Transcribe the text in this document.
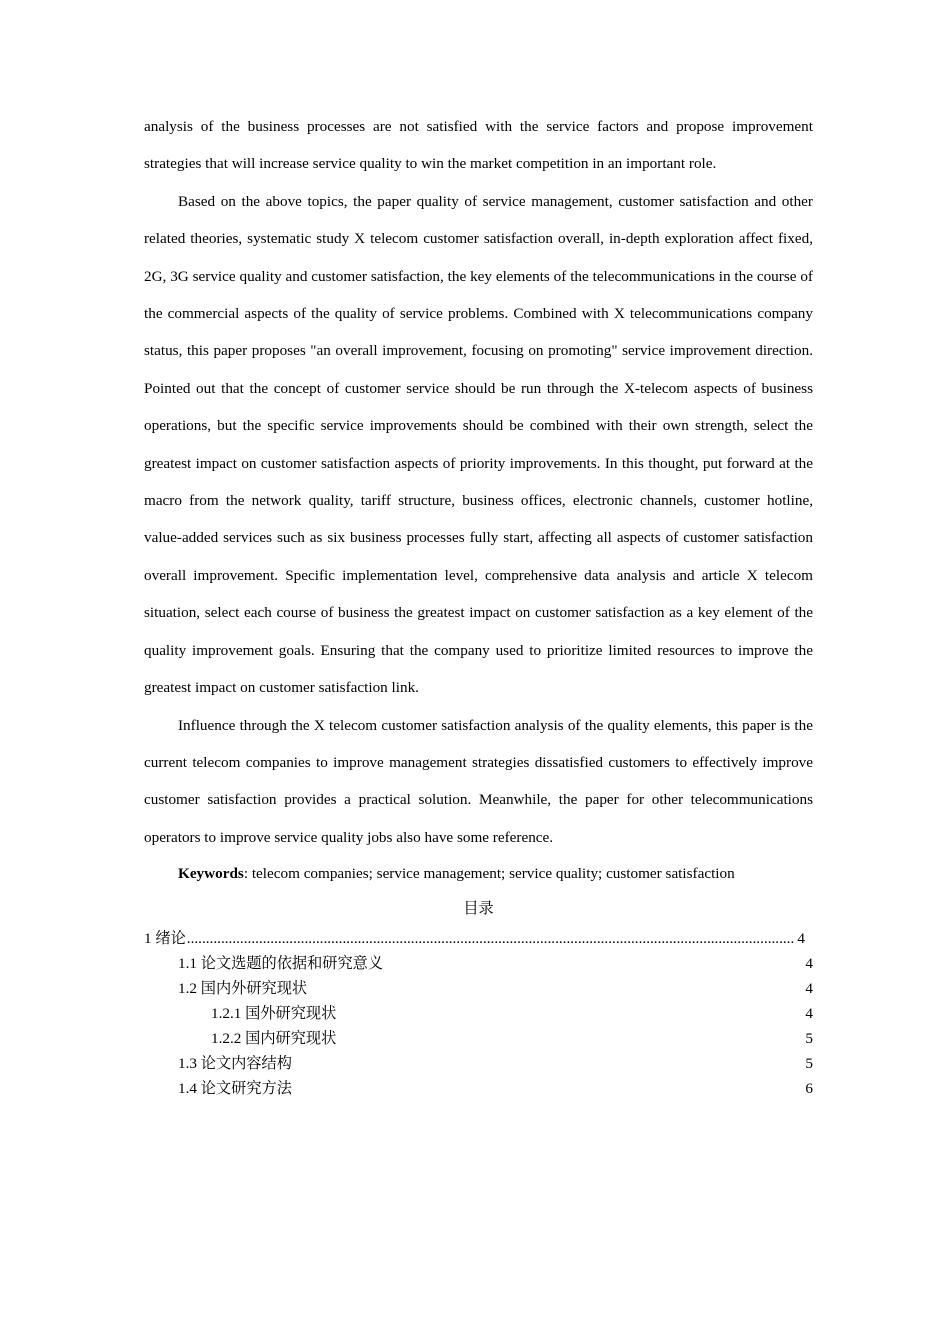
analysis of the business processes are not satisfied with the service factors and propose improvement strategies that will increase service quality to win the market competition in an important role.

Based on the above topics, the paper quality of service management, customer satisfaction and other related theories, systematic study X telecom customer satisfaction overall, in-depth exploration affect fixed, 2G, 3G service quality and customer satisfaction, the key elements of the telecommunications in the course of the commercial aspects of the quality of service problems. Combined with X telecommunications company status, this paper proposes "an overall improvement, focusing on promoting" service improvement direction. Pointed out that the concept of customer service should be run through the X-telecom aspects of business operations, but the specific service improvements should be combined with their own strength, select the greatest impact on customer satisfaction aspects of priority improvements. In this thought, put forward at the macro from the network quality, tariff structure, business offices, electronic channels, customer hotline, value-added services such as six business processes fully start, affecting all aspects of customer satisfaction overall improvement. Specific implementation level, comprehensive data analysis and article X telecom situation, select each course of business the greatest impact on customer satisfaction as a key element of the quality improvement goals. Ensuring that the company used to prioritize limited resources to improve the greatest impact on customer satisfaction link.

Influence through the X telecom customer satisfaction analysis of the quality elements, this paper is the current telecom companies to improve management strategies dissatisfied customers to effectively improve customer satisfaction provides a practical solution. Meanwhile, the paper for other telecommunications operators to improve service quality jobs also have some reference.

Keywords: telecom companies; service management; service quality; customer satisfaction

目录

1 绪论 .....	4
1.1 论文选题的依据和研究意义	4
1.2 国内外研究现状	4
1.2.1 国外研究现状	4
1.2.2 国内研究现状	5
1.3 论文内容结构	5
1.4 论文研究方法	6
